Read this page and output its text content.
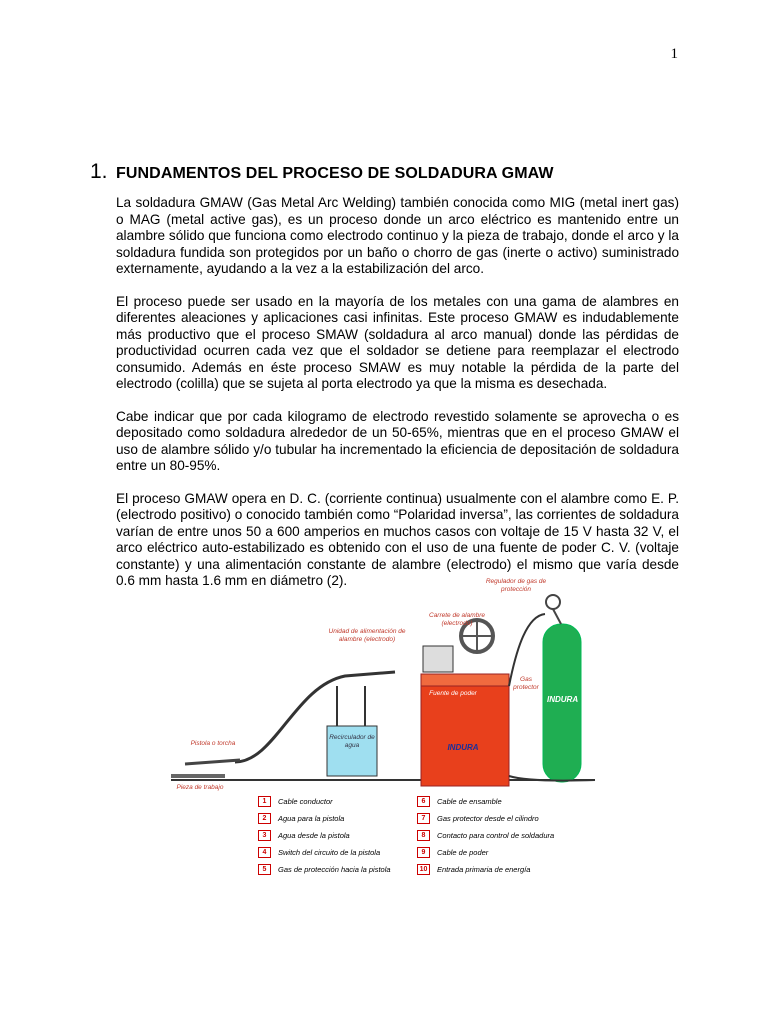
1
1. FUNDAMENTOS DEL PROCESO DE SOLDADURA GMAW

La soldadura GMAW (Gas Metal Arc Welding) también conocida como MIG (metal inert gas) o MAG (metal active gas), es un proceso donde un arco eléctrico es mantenido entre un alambre sólido que funciona como electrodo continuo y la pieza de trabajo, donde el arco y la soldadura fundida son protegidos por un baño o chorro de gas (inerte o activo) suministrado externamente, ayudando a la vez a la estabilización del arco.

El proceso puede ser usado en la mayoría de los metales con una gama de alambres en diferentes aleaciones y aplicaciones casi infinitas. Este proceso GMAW es indudablemente más productivo que el proceso SMAW (soldadura al arco manual) donde las pérdidas de productividad ocurren cada vez que el soldador se detiene para reemplazar el electrodo consumido. Además en éste proceso SMAW es muy notable la pérdida de la parte del electrodo (colilla) que se sujeta al porta electrodo ya que la misma es desechada.

Cabe indicar que por cada kilogramo de electrodo revestido solamente se aprovecha o es depositado como soldadura alrededor de un 50-65%, mientras que en el proceso GMAW el uso de alambre sólido y/o tubular ha incrementado la eficiencia de depositación de soldadura entre un 80-95%.

El proceso GMAW opera en D. C. (corriente continua) usualmente con el alambre como E. P. (electrodo positivo) o conocido también como “Polaridad inversa”, las corrientes de soldadura varían de entre unos 50 a 600 amperios en muchos casos con voltaje de 15 V hasta 32 V, el arco eléctrico auto-estabilizado es obtenido con el uso de una fuente de poder C. V. (voltaje constante) y una alimentación constante de alambre (electrodo) el mismo que varía desde 0.6 mm hasta 1.6 mm en diámetro (2).	Regulador de gas de protección
Carrete de alambre (electrodo)
Unidad de alimentación de alambre (electrodo)
Gas protector
Fuente de poder
Recirculador de agua
Pistola o torcha
Pieza de trabajo
INDURA
INDURA
1	Cable conductor
2	Agua para la pistola
3	Agua desde la pistola
4	Switch del circuito de la pistola
5	Gas de protección hacia la pistola
6	Cable de ensamble
7	Gas protector desde el cilindro
8	Contacto para control de soldadura
9	Cable de poder
10	Entrada primaria de energía
